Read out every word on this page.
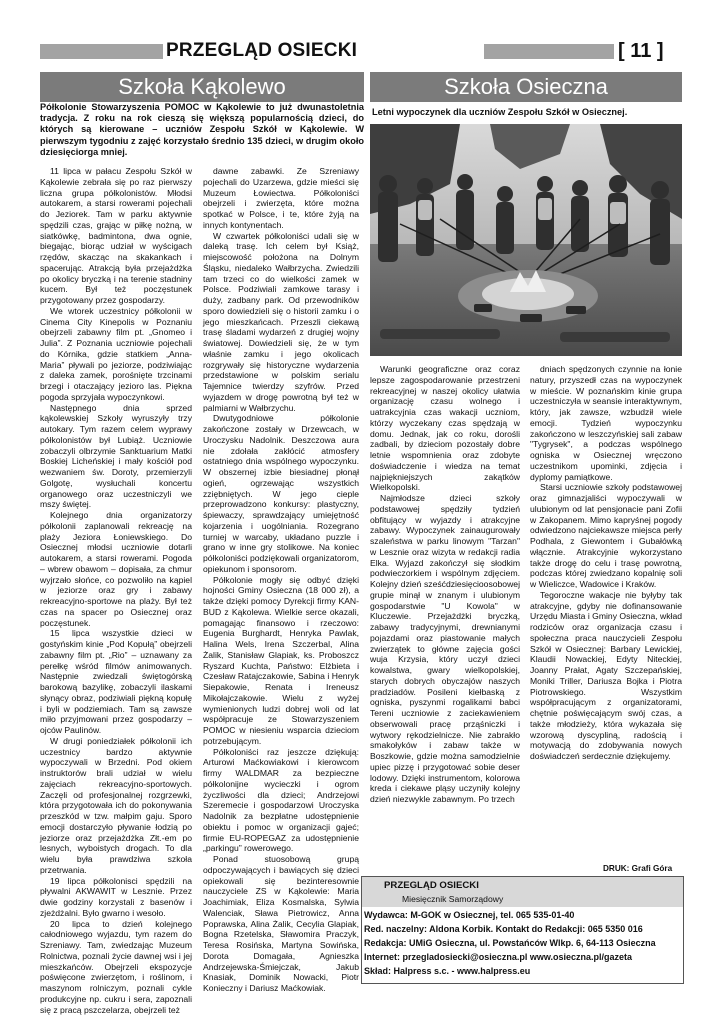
PRZEGLĄD OSIECKI	[ 11 ]
Szkoła Kąkolewo	Szkoła Osieczna

Półkolonie Stowarzyszenia POMOC w Kąkolewie to już dwunastoletnia tradycja. Z roku na rok cieszą się większą popularnością dzieci, do których są kierowane – uczniów Zespołu Szkół w Kąkolewie. W pierwszym tygodniu z zajęć korzystało średnio 135 dzieci, w drugim około dziesięciorga mniej.

11 lipca w pałacu Zespołu Szkół w Kąkolewie zebrała się po raz pierwszy liczna grupa półkolonistów. Młodsi autokarem, a starsi rowerami pojechali do Jeziorek. Tam w parku aktywnie spędzili czas, grając w piłkę nożną, w siatkówkę, badmintona, dwa ognie, biegając, biorąc udział w wyścigach rzędów, skacząc na skakankach i spacerując. Atrakcją była przejażdżka po okolicy bryczką i na terenie stadniny kucem. Był też poczęstunek przygotowany przez gospodarzy.

We wtorek uczestnicy półkolonii w Cinema City Kinepolis w Poznaniu obejrzeli zabawny film pt. „Gnomeo i Julia”. Z Poznania uczniowie pojechali do Kórnika, gdzie statkiem „Anna-Maria” pływali po jeziorze, podziwiając z daleka zamek, porośnięte trzcinami brzegi i otaczający jezioro las. Piękna pogoda sprzyjała wypoczynkowi.

Następnego dnia sprzed kąkolewskiej Szkoły wyruszyły trzy autokary. Tym razem celem wyprawy półkolonistów był Lubiąż. Uczniowie zobaczyli olbrzymie Sanktuarium Matki Boskiej Licheńskiej i mały kościół pod wezwaniem św. Doroty, przemierzyli Golgotę, wysłuchali koncertu organowego oraz uczestniczyli we mszy świętej.

Kolejnego dnia organizatorzy półkolonii zaplanowali rekreację na plaży Jeziora Łoniewskiego. Do Osiecznej młodsi uczniowie dotarli autokarem, a starsi rowerami. Pogoda – wbrew obawom – dopisała, za chmur wyjrzało słońce, co pozwoliło na kąpiel w jeziorze oraz gry i zabawy rekreacyjno-sportowe na plaży. Był też czas na spacer po Osiecznej oraz poczęstunek.

15 lipca wszystkie dzieci w gostyńskim kinie „Pod Kopułą” obejrzeli zabawny film pt. „Rio” – uznawany za perełkę wśród filmów animowanych. Następnie zwiedzali świętogórską barokową bazylikę, zobaczyli ilaskami słynący obraz, podziwiali piękną kopułę i byli w podziemiach. Tam są zawsze miło przyjmowani przez gospodarzy – ojców Paulinów.

W drugi poniedziałek półkolonii ich uczestnicy bardzo aktywnie wypoczywali w Brzedni. Pod okiem instruktorów brali udział w wielu zajęciach rekreacyjno-sportowych. Zaczęli od profesjonalnej rozgrzewki, która przygotowała ich do pokonywania przeszkód w tzw. małpim gaju. Sporo emocji dostarczyło pływanie łodzią po jeziorze oraz przejażdżka Złt.-em po lesnych, wyboistych drogach. To dla wielu była prawdziwa szkoła przetrwania.

19 lipca półkolonisci spędzili na pływalni AKWAWIT w Lesznie. Przez dwie godziny korzystali z basenów i zjeżdżalni. Było gwarno i wesoło.

20 lipca to dzień kolejnego całodniowego wyjazdu, tym razem do Szreniawy. Tam, zwiedzając Muzeum Rolnictwa, poznali życie dawnej wsi i jej mieszkańców. Obejrzeli ekspozycje poświęcone zwierzętom, i roślinom, i maszynom rolniczym, poznali cykle produkcyjne np. cukru i sera, zapoznali się z pracą pszczelarza, obejrzeli też

dawne zabawki. Ze Szreniawy pojechali do Uzarzewa, gdzie mieści się Muzeum Łowiectwa. Półkoloniści obejrzeli i zwierzęta, które można spotkać w Polsce, i te, które żyją na innych kontynentach.

W czwartek półkoloniści udali się w daleką trasę. Ich celem był Książ, miejscowość położona na Dolnym Śląsku, niedaleko Wałbrzycha. Zwiedzili tam trzeci co do wielkości zamek w Polsce. Podziwiali zamkowe tarasy i duży, zadbany park. Od przewodników sporo dowiedzieli się o historii zamku i o jego mieszkańcach. Przeszli ciekawą trasę śladami wydarzeń z drugiej wojny światowej. Dowiedzieli się, że w tym właśnie zamku i jego okolicach rozgrywały się historyczne wydarzenia przedstawione w polskim serialu Tajemnice twierdzy szyfrów. Przed wyjazdem w drogę powrotną był też w palmiarni w Wałbrzychu.

Dwutygodniowe półkolonie zakończone zostały w Drzewcach, w Uroczysku Nadolnik. Deszczowa aura nie zdołała zakłócić atmosfery ostatniego dnia wspólnego wypoczynku. W obszernej izbie biesiadnej płonął ogień, ogrzewając wszystkich zziębniętych. W jego cieple przeprowadzono konkursy: plastyczny, śpiewaczy, sprawdzający umiejętność kojarzenia i uogólniania. Rozegrano turniej w warcaby, układano puzzle i grano w inne gry stolikowe. Na koniec półkoloniści podziękowali organizatorom, opiekunom i sponsorom.

Półkolonie mogły się odbyć dzięki hojności Gminy Osieczna (18 000 zł), a także dzięki pomocy Dyrekcji firmy KAN-BUD z Kąkolewa. Wielkie serce okazali, pomagając finansowo i rzeczowo: Eugenia Burghardt, Henryka Pawlak, Halina Wels, Irena Szczerbal, Alina Żalik, Stanisław Glapiak, ks. Proboszcz Ryszard Kuchta, Państwo: Elżbieta i Czesław Ratajczakowie, Sabina i Henryk Siepakowie, Renata i Ireneusz Mikołajczakowie. Wielu z wyżej wymienionych ludzi dobrej woli od lat współpracuje ze Stowarzyszeniem POMOC w niesieniu wsparcia dzieciom potrzebującym.

Półkoloniści raz jeszcze dziękują: Arturowi Maćkowiakowi i kierowcom firmy WALDMAR za bezpieczne półkolonijne wycieczki i ogrom życzliwości dla dzieci; Andrzejowi Szeremecie i gospodarzowi Uroczyska Nadolnik za bezpłatne udostępnienie obiektu i pomoc w organizacji gąjeć; firmie EU-ROPEGAZ za udostępnienie „parkingu” rowerowego.

Ponad stuosobową grupą odpoczywających i bawiących się dzieci opiekowali się bezinteresownie nauczyciele ZS w Kąkolewie: Maria Joachimiak, Eliza Kosmalska, Sylwia Walenciak, Sława Pietrowicz, Anna Poprawska, Alina Żalik, Cecylia Glapiak, Bogna Rzetelska, Sławomira Praczyk, Teresa Rosińska, Martyna Sowińska, Dorota Domagała, Agnieszka Andrzejewska-Śmiejczak, Jakub Knasiak, Dominik Nowacki, Piotr Konieczny i Dariusz Maćkowiak.

Letni wypoczynek dla uczniów Zespołu Szkół w Osiecznej.

Warunki geograficzne oraz coraz lepsze zagospodarowanie przestrzeni rekreacyjnej w naszej okolicy ułatwia organizację czasu wolnego i uatrakcyjnia czas wakacji uczniom, którzy wyczekany czas spędzają w domu. Jednak, jak co roku, dorośli zadbali, by dzieciom pozostały dobre letnie wspomnienia oraz zdobyte doświadczenie i wiedza na temat najpiękniejszych zakątków Wielkopolski.

Najmłodsze dzieci szkoły podstawowej spędziły tydzień obfitujący w wyjazdy i atrakcyjne zabawy. Wypoczynek zainaugurowały szaleństwa w parku linowym "Tarzan" w Lesznie oraz wizyta w redakcji radia Elka. Wyjazd zakończył się słodkim podwieczorkiem i wspólnym zdjęciem. Kolejny dzień sześćdziesięcioosobowej grupie minął w znanym i ulubionym gospodarstwie "U Kowola" w Kluczewie. Przejażdżki bryczką, zabawy tradycyjnymi, drewnianymi pojazdami oraz piastowanie małych zwierzątek to główne zajęcia gości wuja Krzysia, który uczył dzieci kowalstwa, gwary wielkopolskiej, starych dobrych obyczajów naszych pradziadów. Posileni kiełbaską z ogniska, pyszynmi rogalikami babci Tereni uczniowie z zaciekawieniem obserwowali pracę prząśniczki i wytwory rękodzielnicze. Nie zabrakło smakołyków i zabaw także w Boszkowie, gdzie można samodzielnie upiec pizzę i przygotować sobie deser lodowy. Dzięki instrumentom, kolorowa kreda i ciekawe pląsy uczyniły kolejny dzień niezwykle zabawnym. Po trzech

dniach spędzonych czynnie na łonie natury, przyszedł czas na wypoczynek w mieście. W poznańskim kinie grupa uczestniczyła w seansie interaktywnym, który, jak zawsze, wzbudził wiele emocji. Tydzień wypoczynku zakończono w leszczyńskiej sali zabaw "Tygrysek", a podczas wspólnego ogniska w Osiecznej wręczono uczestnikom upominki, zdjęcia i dyplomy pamiątkowe.

Starsi uczniowie szkoły podstawowej oraz gimnazjaliści wypoczywali w ulubionym od lat pensjonacie pani Zofii w Zakopanem. Mimo kapryśnej pogody odwiedzono najciekawsze miejsca perły Podhala, z Giewontem i Gubałówką włącznie. Atrakcyjnie wykorzystano także drogę do celu i trasę powrotną, podczas której zwiedzano kopalnię soli w Wieliczce, Wadowice i Kraków.

Tegoroczne wakacje nie byłyby tak atrakcyjne, gdyby nie dofinansowanie Urzędu Miasta i Gminy Osieczna, wkład rodziców oraz organizacja czasu i społeczna praca nauczycieli Zespołu Szkół w Osiecznej: Barbary Lewickiej, Klaudii Nowackiej, Edyty Niteckiej, Joanny Prałat, Agaty Szczepańskiej, Moniki Triller, Dariusza Bojka i Piotra Piotrowskiego. Wszystkim współpracującym z organizatorami, chętnie poświęcającym swój czas, a także młodzieży, która wykazała się wzorową dyscypliną, radością i motywacją do zdobywania nowych doświadczeń serdecznie dziękujemy.

DRUK: Grafi Góra
PRZEGLĄD OSIECKI
Miesięcznik Samorządowy
Wydawca: M-GOK w Osiecznej, tel. 065 535-01-40
Red. naczelny: Aldona Korbik. Kontakt do Redakcji: 065 5350 016
Redakcja: UMiG Osieczna, ul. Powstańców Wlkp. 6, 64-113 Osieczna
Internet: przegladosiecki@osieczna.pl www.osieczna.pl/gazeta
Skład: Halpress s.c. - www.halpress.eu
